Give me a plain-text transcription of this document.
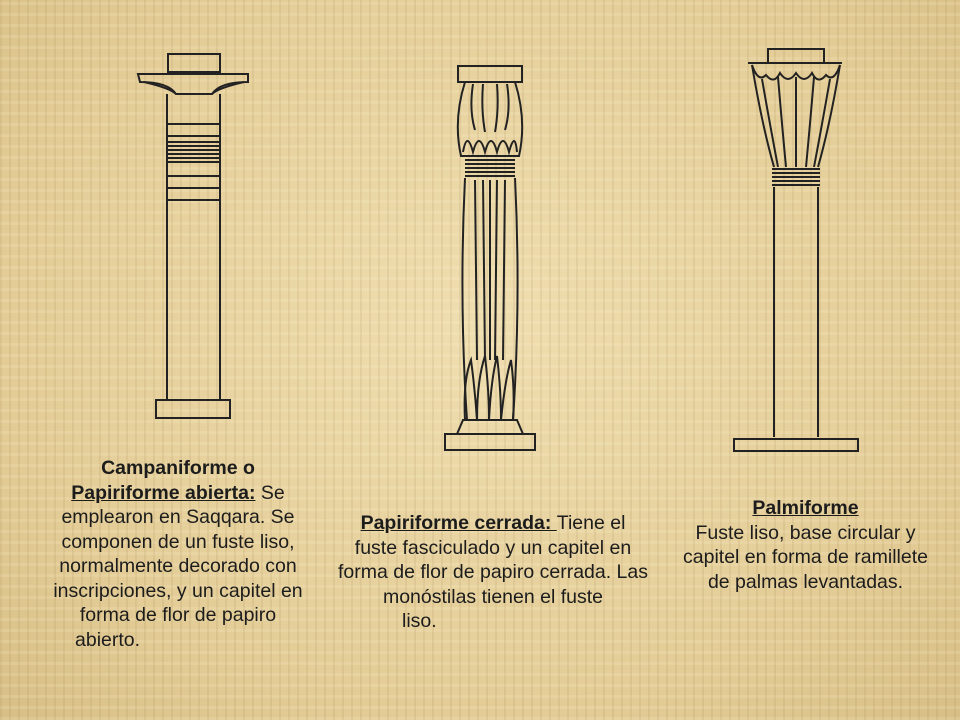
Campaniforme o
Papiriforme abierta: Se emplearon en Saqqara. Se componen de un fuste liso, normalmente decorado con inscripciones, y un capitel en forma de flor de papiro
abierto.

Papiriforme cerrada: Tiene el fuste fasciculado y un capitel en forma de flor de papiro cerrada. Las monóstilas tienen el fuste
liso.

Palmiforme
Fuste liso, base circular y capitel en forma de ramillete de palmas levantadas.
